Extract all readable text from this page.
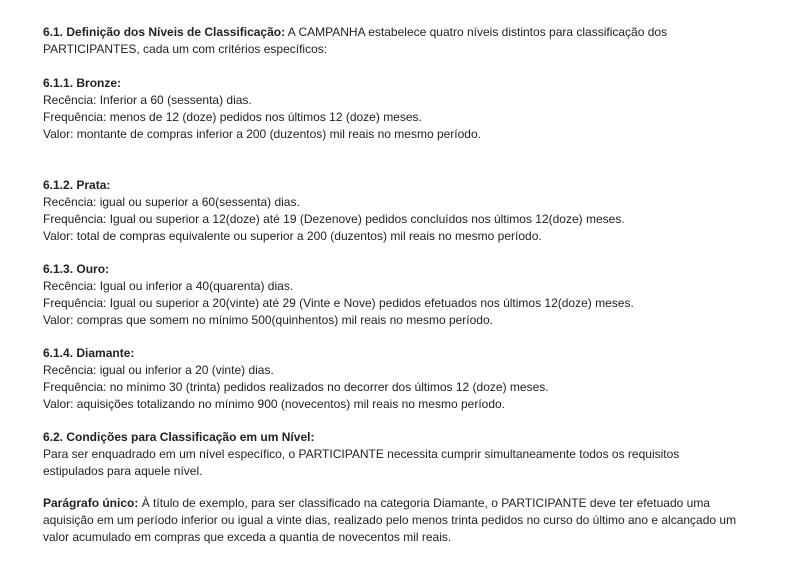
6.1. Definição dos Níveis de Classificação: A CAMPANHA estabelece quatro níveis distintos para classificação dos
PARTICIPANTES, cada um com critérios específicos:
6.1.1. Bronze:
Recência: Inferior a 60 (sessenta) dias.
Frequência: menos de 12 (doze) pedidos nos últimos 12 (doze) meses.
Valor: montante de compras inferior a 200 (duzentos) mil reais no mesmo período.
6.1.2. Prata:
Recência: igual ou superior a 60(sessenta) dias.
Frequência: Igual ou superior a 12(doze) até 19 (Dezenove) pedidos concluídos nos últimos 12(doze) meses.
Valor: total de compras equivalente ou superior a 200 (duzentos) mil reais no mesmo período.
6.1.3. Ouro:
Recência: Igual ou inferior a 40(quarenta) dias.
Frequência: Igual ou superior a 20(vinte) até 29 (Vinte e Nove) pedidos efetuados nos últimos 12(doze) meses.
Valor: compras que somem no mínimo 500(quinhentos) mil reais no mesmo período.
6.1.4. Diamante:
Recência: igual ou inferior a 20 (vinte) dias.
Frequência: no mínimo 30 (trinta) pedidos realizados no decorrer dos últimos 12 (doze) meses.
Valor: aquisições totalizando no mínimo 900 (novecentos) mil reais no mesmo período.
6.2. Condições para Classificação em um Nível:
Para ser enquadrado em um nível específico, o PARTICIPANTE necessita cumprir simultaneamente todos os requisitos
estipulados para aquele nível.
Parágrafo único: À título de exemplo, para ser classificado na categoria Diamante, o PARTICIPANTE deve ter efetuado uma
aquisição em um período inferior ou igual a vinte dias, realizado pelo menos trinta pedidos no curso do último ano e alcançado um
valor acumulado em compras que exceda a quantia de novecentos mil reais.
